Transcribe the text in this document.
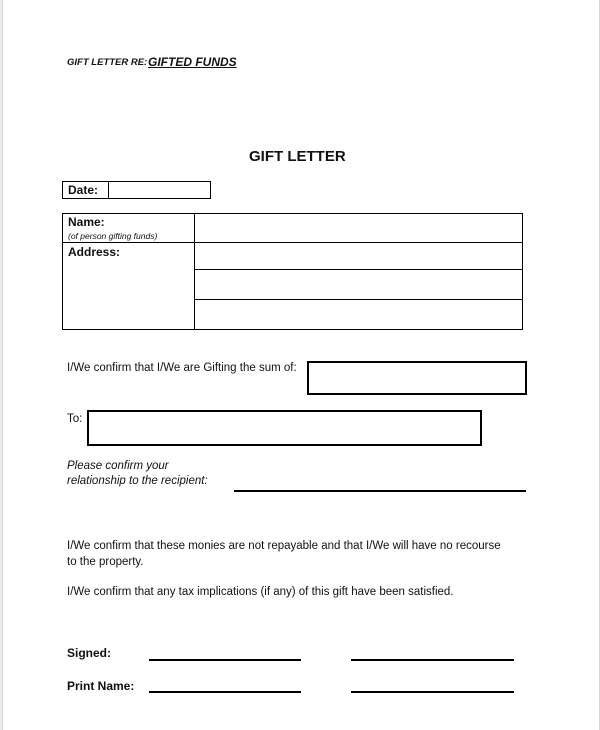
GIFT LETTER RE: GIFTED FUNDS
GIFT LETTER
Date:
Name:
(of person gifting funds)
Address:
I/We confirm that I/We are Gifting the sum of:
To:
Please confirm your
relationship to the recipient:
I/We confirm that these monies are not repayable and that I/We will have no recourse
to the property.
I/We confirm that any tax implications (if any) of this gift have been satisfied.
Signed:
Print Name:
